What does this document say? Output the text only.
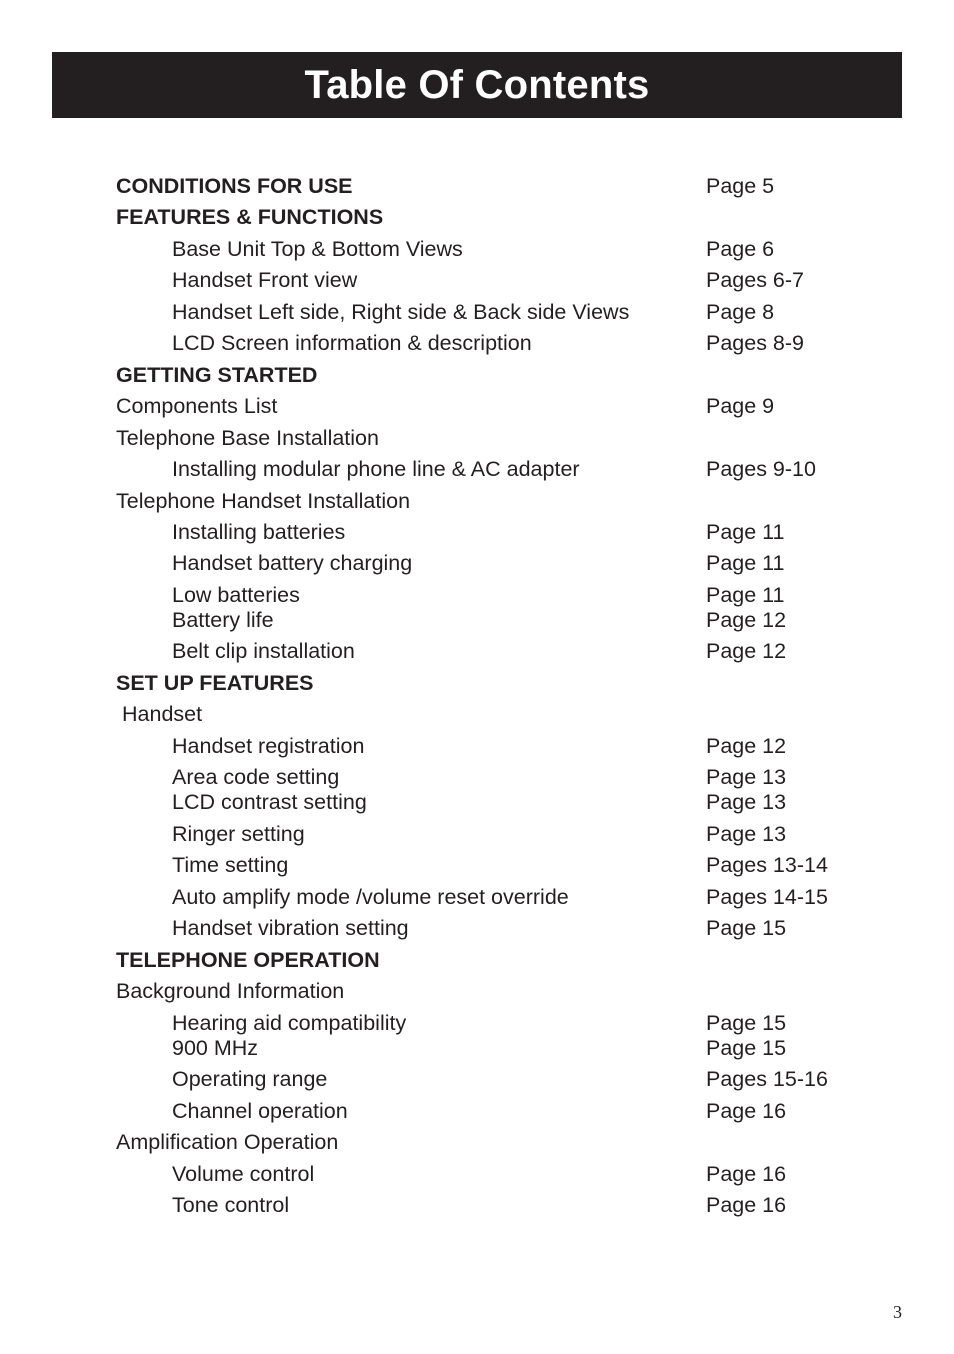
Table Of Contents
CONDITIONS FOR USE	Page 5
FEATURES & FUNCTIONS
Base Unit Top & Bottom Views	Page 6
Handset Front view	Pages 6-7
Handset Left side, Right side & Back side Views	Page 8
LCD Screen information & description	Pages 8-9
GETTING STARTED
Components List	Page 9
Telephone Base Installation
Installing modular phone line & AC adapter	Pages 9-10
Telephone Handset Installation
Installing batteries	Page 11
Handset battery charging	Page 11
Low batteries	Page 11
Battery life	Page 12
Belt clip installation	Page 12
SET UP FEATURES
Handset
Handset registration	Page 12
Area code setting	Page 13
LCD contrast setting	Page 13
Ringer setting	Page 13
Time setting	Pages 13-14
Auto amplify mode /volume reset override	Pages 14-15
Handset vibration setting	Page 15
TELEPHONE OPERATION
Background Information
Hearing aid compatibility	Page 15
900 MHz	Page 15
Operating range	Pages 15-16
Channel operation	Page 16
Amplification Operation
Volume control	Page 16
Tone control	Page 16
3
